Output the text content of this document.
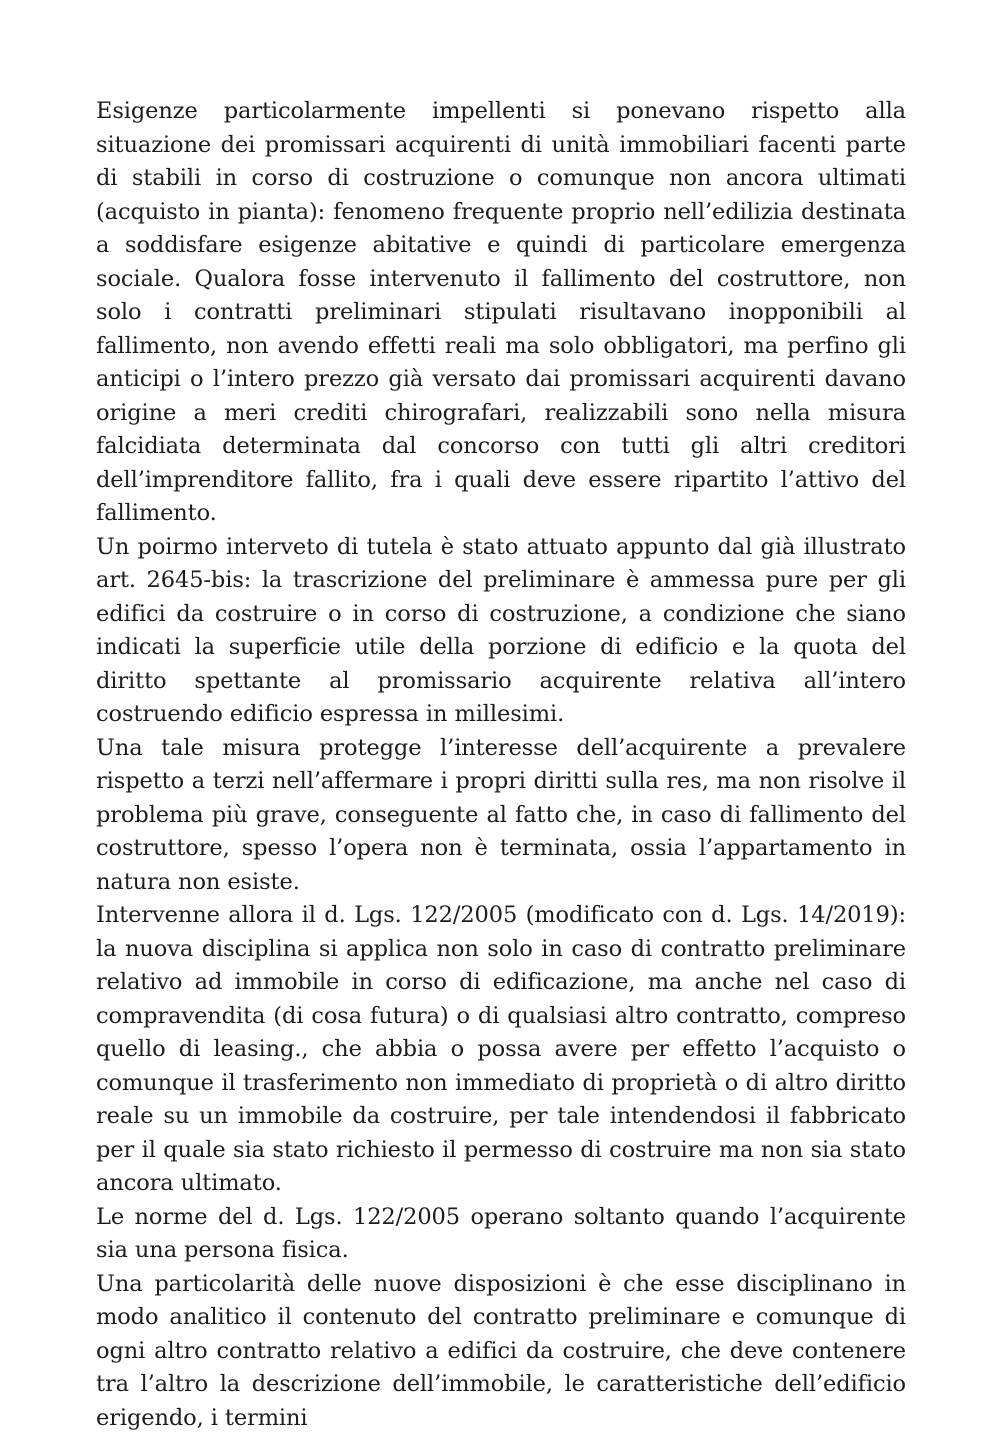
Esigenze particolarmente impellenti si ponevano rispetto alla situazione dei promissari acquirenti di unità immobiliari facenti parte di stabili in corso di costruzione o comunque non ancora ultimati (acquisto in pianta): fenomeno frequente proprio nell’edilizia destinata a soddisfare esigenze abitative e quindi di particolare emergenza sociale. Qualora fosse intervenuto il fallimento del costruttore, non solo i contratti preliminari stipulati risultavano inopponibili al fallimento, non avendo effetti reali ma solo obbligatori, ma perfino gli anticipi o l’intero prezzo già versato dai promissari acquirenti davano origine a meri crediti chirografari, realizzabili sono nella misura falcidiata determinata dal concorso con tutti gli altri creditori dell’imprenditore fallito, fra i quali deve essere ripartito l’attivo del fallimento.

Un poirmo interveto di tutela è stato attuato appunto dal già illustrato art. 2645-bis: la trascrizione del preliminare è ammessa pure per gli edifici da costruire o in corso di costruzione, a condizione che siano indicati la superficie utile della porzione di edificio e la quota del diritto spettante al promissario acquirente relativa all’intero costruendo edificio espressa in millesimi.

Una tale misura protegge l’interesse dell’acquirente a prevalere rispetto a terzi nell’affermare i propri diritti sulla res, ma non risolve il problema più grave, conseguente al fatto che, in caso di fallimento del costruttore, spesso l’opera non è terminata, ossia l’appartamento in natura non esiste.

Intervenne allora il d. Lgs. 122/2005 (modificato con d. Lgs. 14/2019): la nuova disciplina si applica non solo in caso di contratto preliminare relativo ad immobile in corso di edificazione, ma anche nel caso di compravendita (di cosa futura) o di qualsiasi altro contratto, compreso quello di leasing., che abbia o possa avere per effetto l’acquisto o comunque il trasferimento non immediato di proprietà o di altro diritto reale su un immobile da costruire, per tale intendendosi il fabbricato per il quale sia stato richiesto il permesso di costruire ma non sia stato ancora ultimato.

Le norme del d. Lgs. 122/2005 operano soltanto quando l’acquirente sia una persona fisica.

Una particolarità delle nuove disposizioni è che esse disciplinano in modo analitico il contenuto del contratto preliminare e comunque di ogni altro contratto relativo a edifici da costruire, che deve contenere tra l’altro la descrizione dell’immobile, le caratteristiche dell’edificio erigendo, i termini
